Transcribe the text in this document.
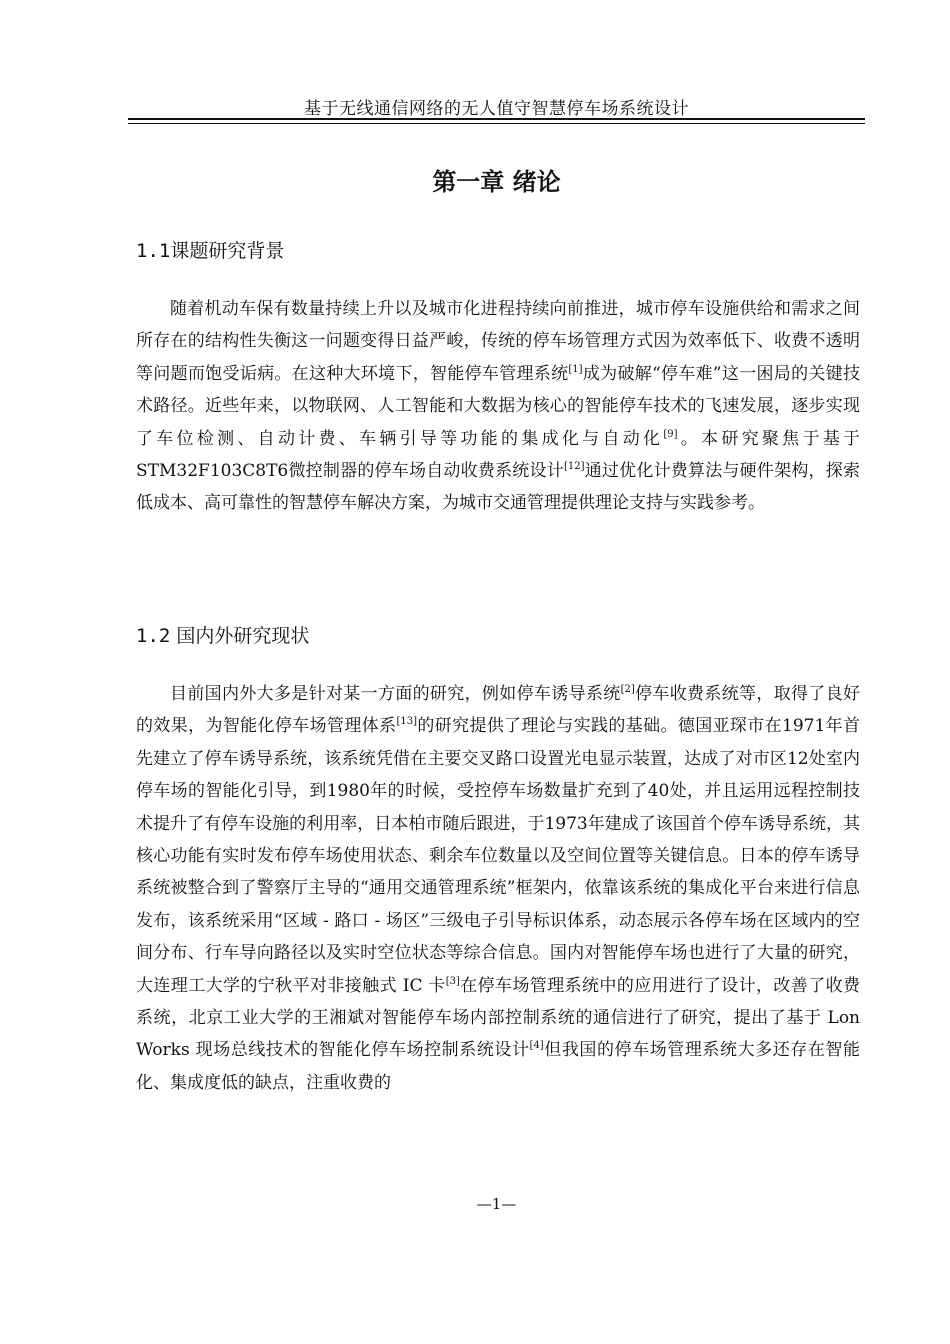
基于无线通信网络的无人值守智慧停车场系统设计
第一章 绪论
1.1课题研究背景

随着机动车保有数量持续上升以及城市化进程持续向前推进，城市停车设施供给和需求之间所存在的结构性失衡这一问题变得日益严峻，传统的停车场管理方式因为效率低下、收费不透明等问题而饱受诟病。在这种大环境下，智能停车管理系统[1]成为破解“停车难”这一困局的关键技术路径。近些年来，以物联网、人工智能和大数据为核心的智能停车技术的飞速发展，逐步实现了车位检测、自动计费、车辆引导等功能的集成化与自动化[9]。本研究聚焦于基于STM32F103C8T6微控制器的停车场自动收费系统设计[12]通过优化计费算法与硬件架构，探索低成本、高可靠性的智慧停车解决方案，为城市交通管理提供理论支持与实践参考。

1.2 国内外研究现状

目前国内外大多是针对某一方面的研究，例如停车诱导系统[2]停车收费系统等，取得了良好的效果，为智能化停车场管理体系[13]的研究提供了理论与实践的基础。德国亚琛市在1971年首先建立了停车诱导系统，该系统凭借在主要交叉路口设置光电显示装置，达成了对市区12处室内停车场的智能化引导，到1980年的时候，受控停车场数量扩充到了40处，并且运用远程控制技术提升了有停车设施的利用率，日本柏市随后跟进，于1973年建成了该国首个停车诱导系统，其核心功能有实时发布停车场使用状态、剩余车位数量以及空间位置等关键信息。日本的停车诱导系统被整合到了警察厅主导的“通用交通管理系统”框架内，依靠该系统的集成化平台来进行信息发布，该系统采用“区域 - 路口 - 场区”三级电子引导标识体系，动态展示各停车场在区域内的空间分布、行车导向路径以及实时空位状态等综合信息。国内对智能停车场也进行了大量的研究，大连理工大学的宁秋平对非接触式 IC 卡[3]在停车场管理系统中的应用进行了设计，改善了收费系统，北京工业大学的王湘斌对智能停车场内部控制系统的通信进行了研究，提出了基于 Lon Works 现场总线技术的智能化停车场控制系统设计[4]但我国的停车场管理系统大多还存在智能化、集成度低的缺点，注重收费的

—1—
